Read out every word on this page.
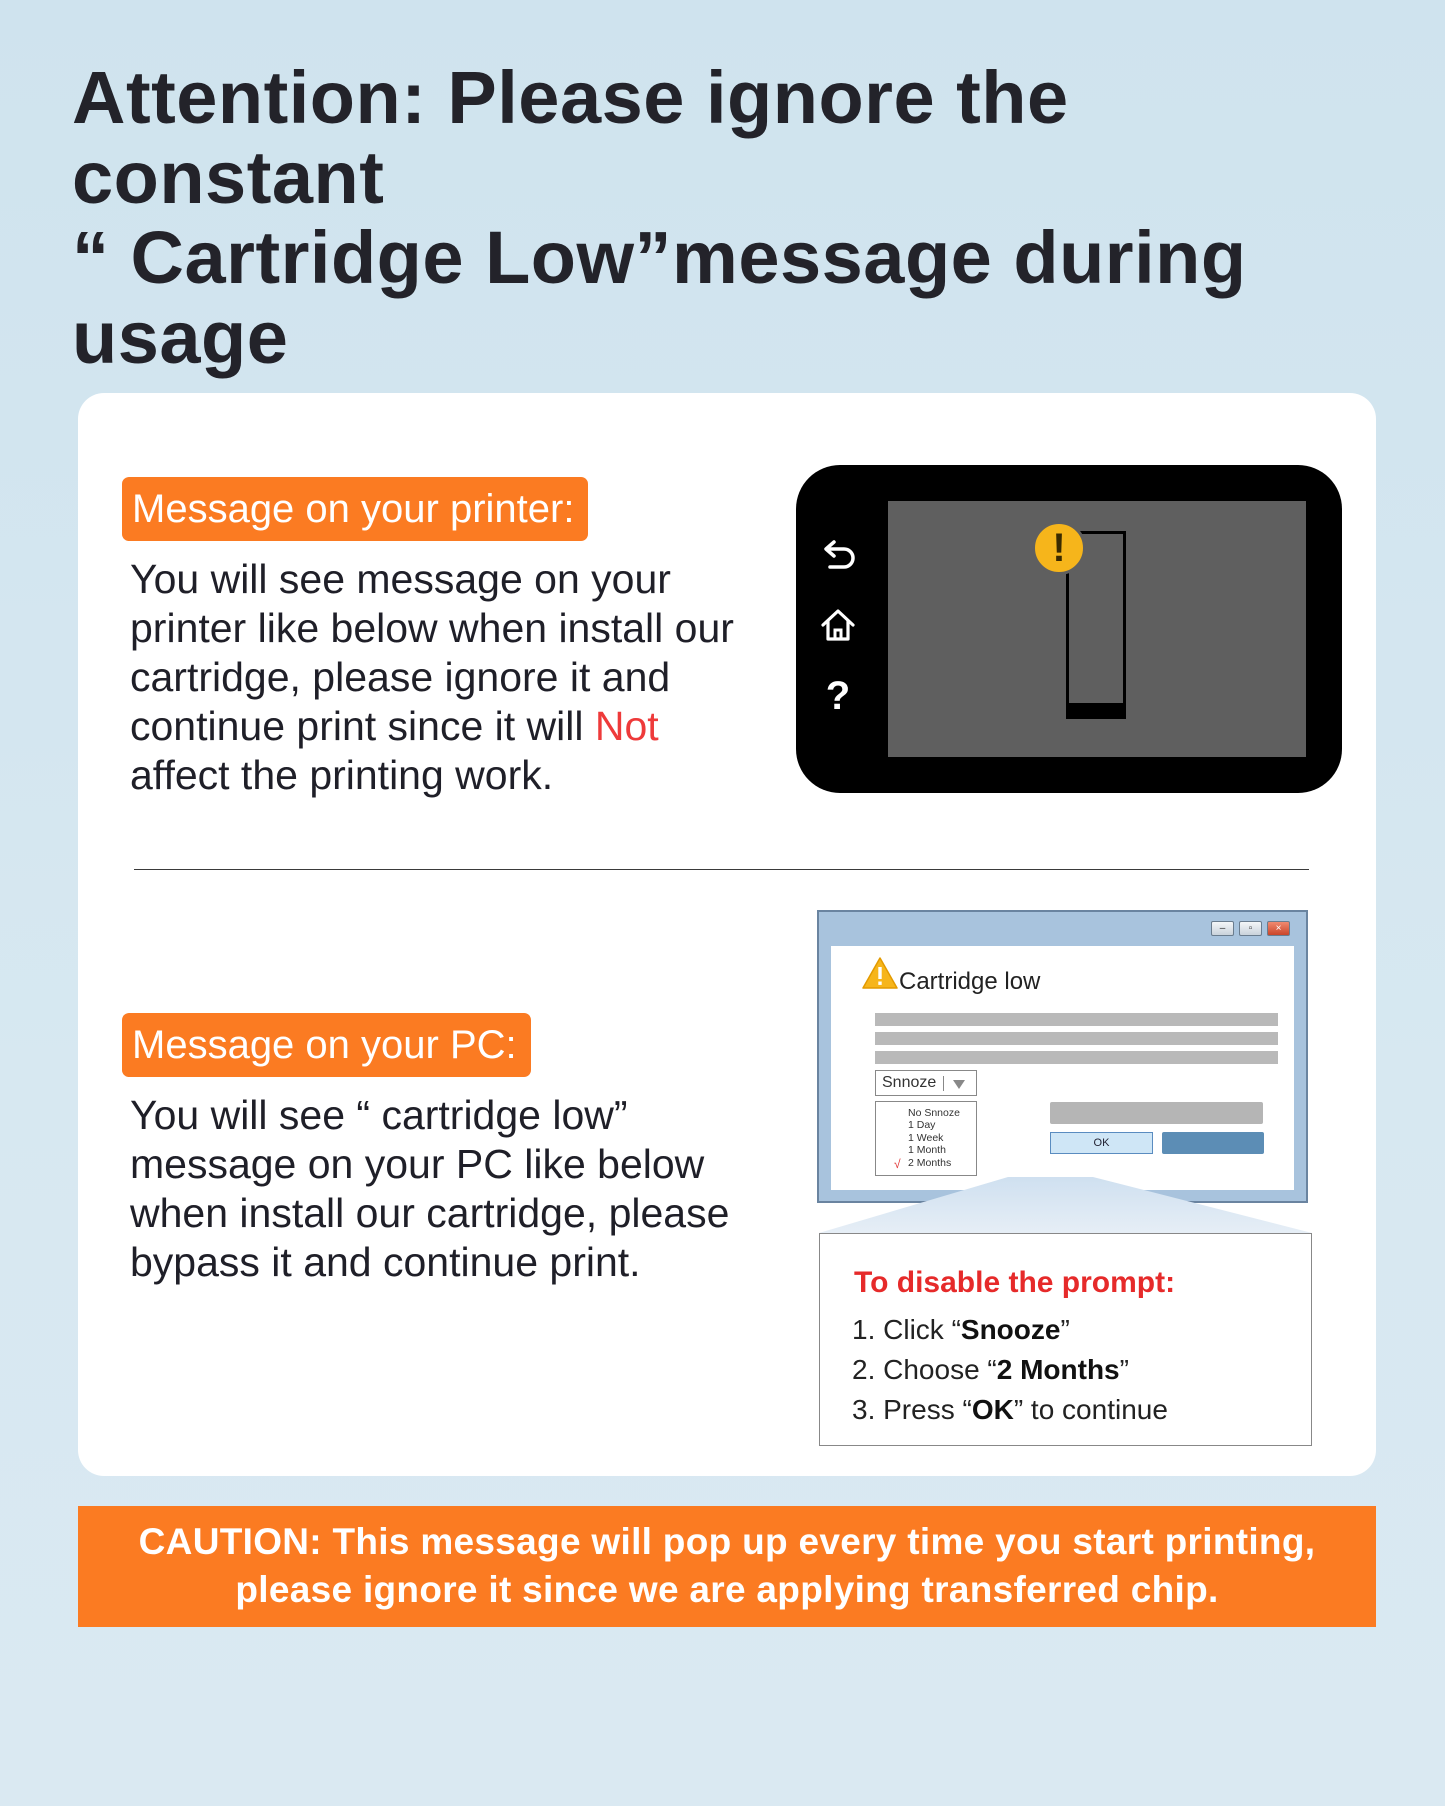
Attention: Please ignore the constant
“ Cartridge Low”message during
usage
Message on your printer:
You will see message on your printer like below when install our cartridge, please ignore it and continue print since it will Not affect the printing work.
?
!
Message on your PC:
You will see “ cartridge low” message on your PC like below when install our cartridge, please bypass it and continue print.
–	▫	×
Cartridge low
Snnoze
No Snnoze
1 Day
1 Week
1 Month
2 Months
√
OK
To disable the prompt:
1. Click “Snooze”
2. Choose “2 Months”
3. Press “OK” to continue
CAUTION: This message will pop up every time you start printing,
please ignore it since we are applying transferred chip.
